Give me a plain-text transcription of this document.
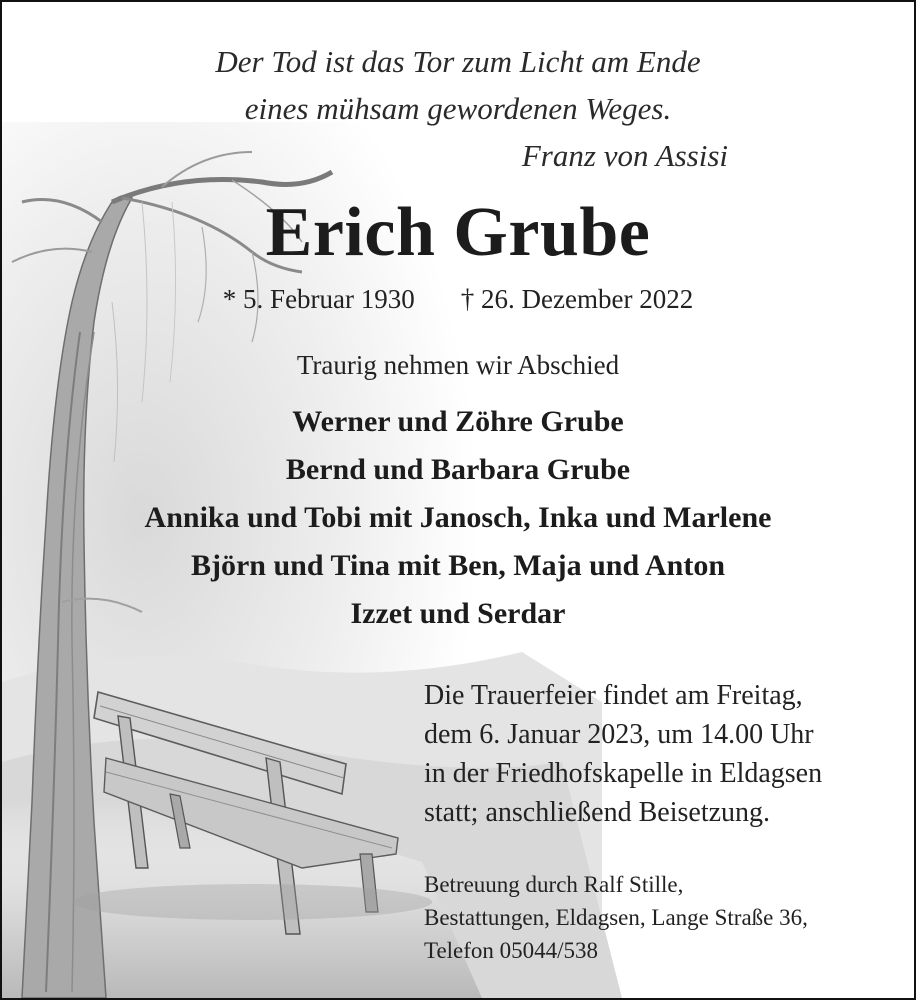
Der Tod ist das Tor zum Licht am Ende
eines mühsam gewordenen Weges.
Franz von Assisi
Erich Grube
* 5. Februar 1930 † 26. Dezember 2022
Traurig nehmen wir Abschied
Werner und Zöhre Grube
Bernd und Barbara Grube
Annika und Tobi mit Janosch, Inka und Marlene
Björn und Tina mit Ben, Maja und Anton
Izzet und Serdar
Die Trauerfeier findet am Freitag,
dem 6. Januar 2023, um 14.00 Uhr
in der Friedhofskapelle in Eldagsen
statt; anschließend Beisetzung.
Betreuung durch Ralf Stille,
Bestattungen, Eldagsen, Lange Straße 36,
Telefon 05044/538
